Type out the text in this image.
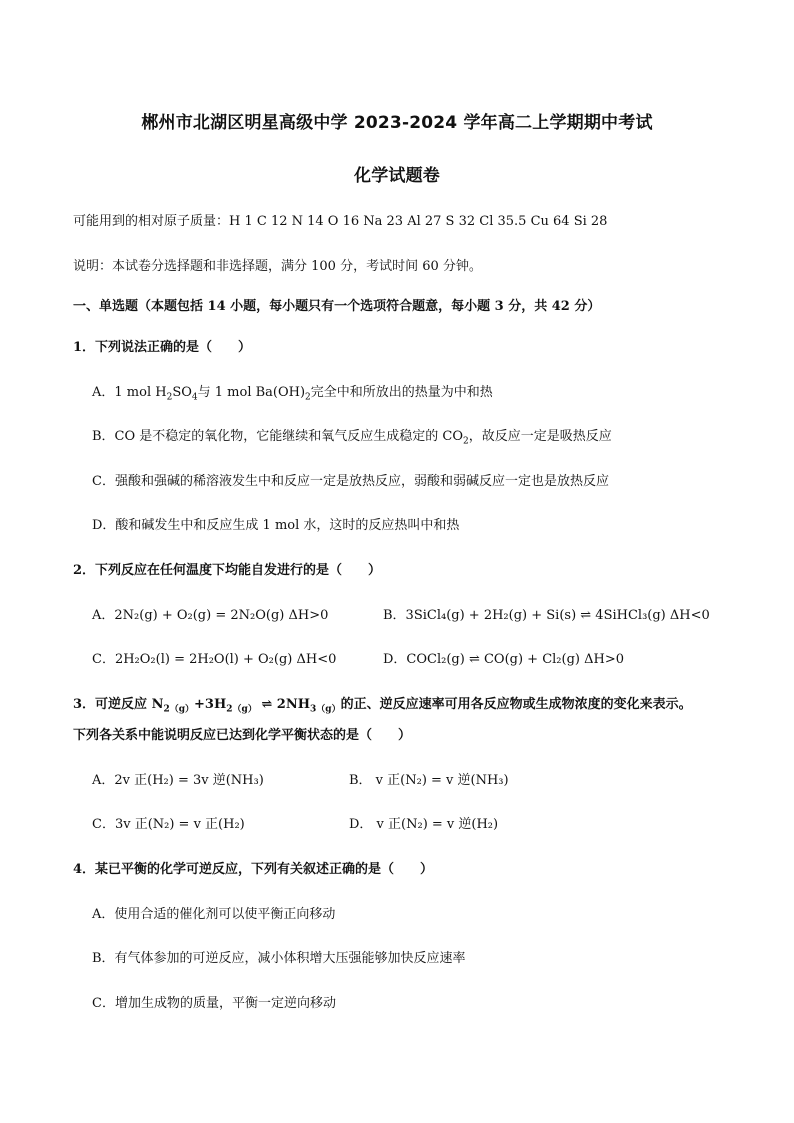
郴州市北湖区明星高级中学 2023-2024 学年高二上学期期中考试
化学试题卷
可能用到的相对原子质量：H 1 C 12 N 14 O 16 Na 23 Al 27 S 32 Cl 35.5 Cu 64 Si 28
说明：本试卷分选择题和非选择题，满分 100 分，考试时间 60 分钟。
一、单选题（本题包括 14 小题，每小题只有一个选项符合题意，每小题 3 分，共 42 分）
1．下列说法正确的是（　　）
A．1 mol $H_2SO_4$与 1 mol $Ba(OH)_2$完全中和所放出的热量为中和热
B．CO 是不稳定的氧化物，它能继续和氧气反应生成稳定的 $CO_2$，故反应一定是吸热反应
C．强酸和强碱的稀溶液发生中和反应一定是放热反应，弱酸和弱碱反应一定也是放热反应
D．酸和碱发生中和反应生成 1 mol 水，这时的反应热叫中和热
2．下列反应在任何温度下均能自发进行的是（　　）
A．2N₂(g) + O₂(g) = 2N₂O(g) ΔH>0	B．3SiCl₄(g) + 2H₂(g) + Si(s) ⇌ 4SiHCl₃(g) ΔH<0
C．2H₂O₂(l) = 2H₂O(l) + O₂(g) ΔH<0	D．COCl₂(g) ⇌ CO(g) + Cl₂(g) ΔH>0
3．可逆反应 $N_{2(g)}+3H_{2(g)}$ ⇌ $2NH_{3(g)}$的正、逆反应速率可用各反应物或生成物浓度的变化来表示。
下列各关系中能说明反应已达到化学平衡状态的是（　　）
A．2v 正(H₂) = 3v 逆(NH₃)	B． v 正(N₂) = v 逆(NH₃)
C．3v 正(N₂) = v 正(H₂)	D． v 正(N₂) = v 逆(H₂)
4．某已平衡的化学可逆反应，下列有关叙述正确的是（　　）
A．使用合适的催化剂可以使平衡正向移动
B．有气体参加的可逆反应，减小体积增大压强能够加快反应速率
C．增加生成物的质量，平衡一定逆向移动
